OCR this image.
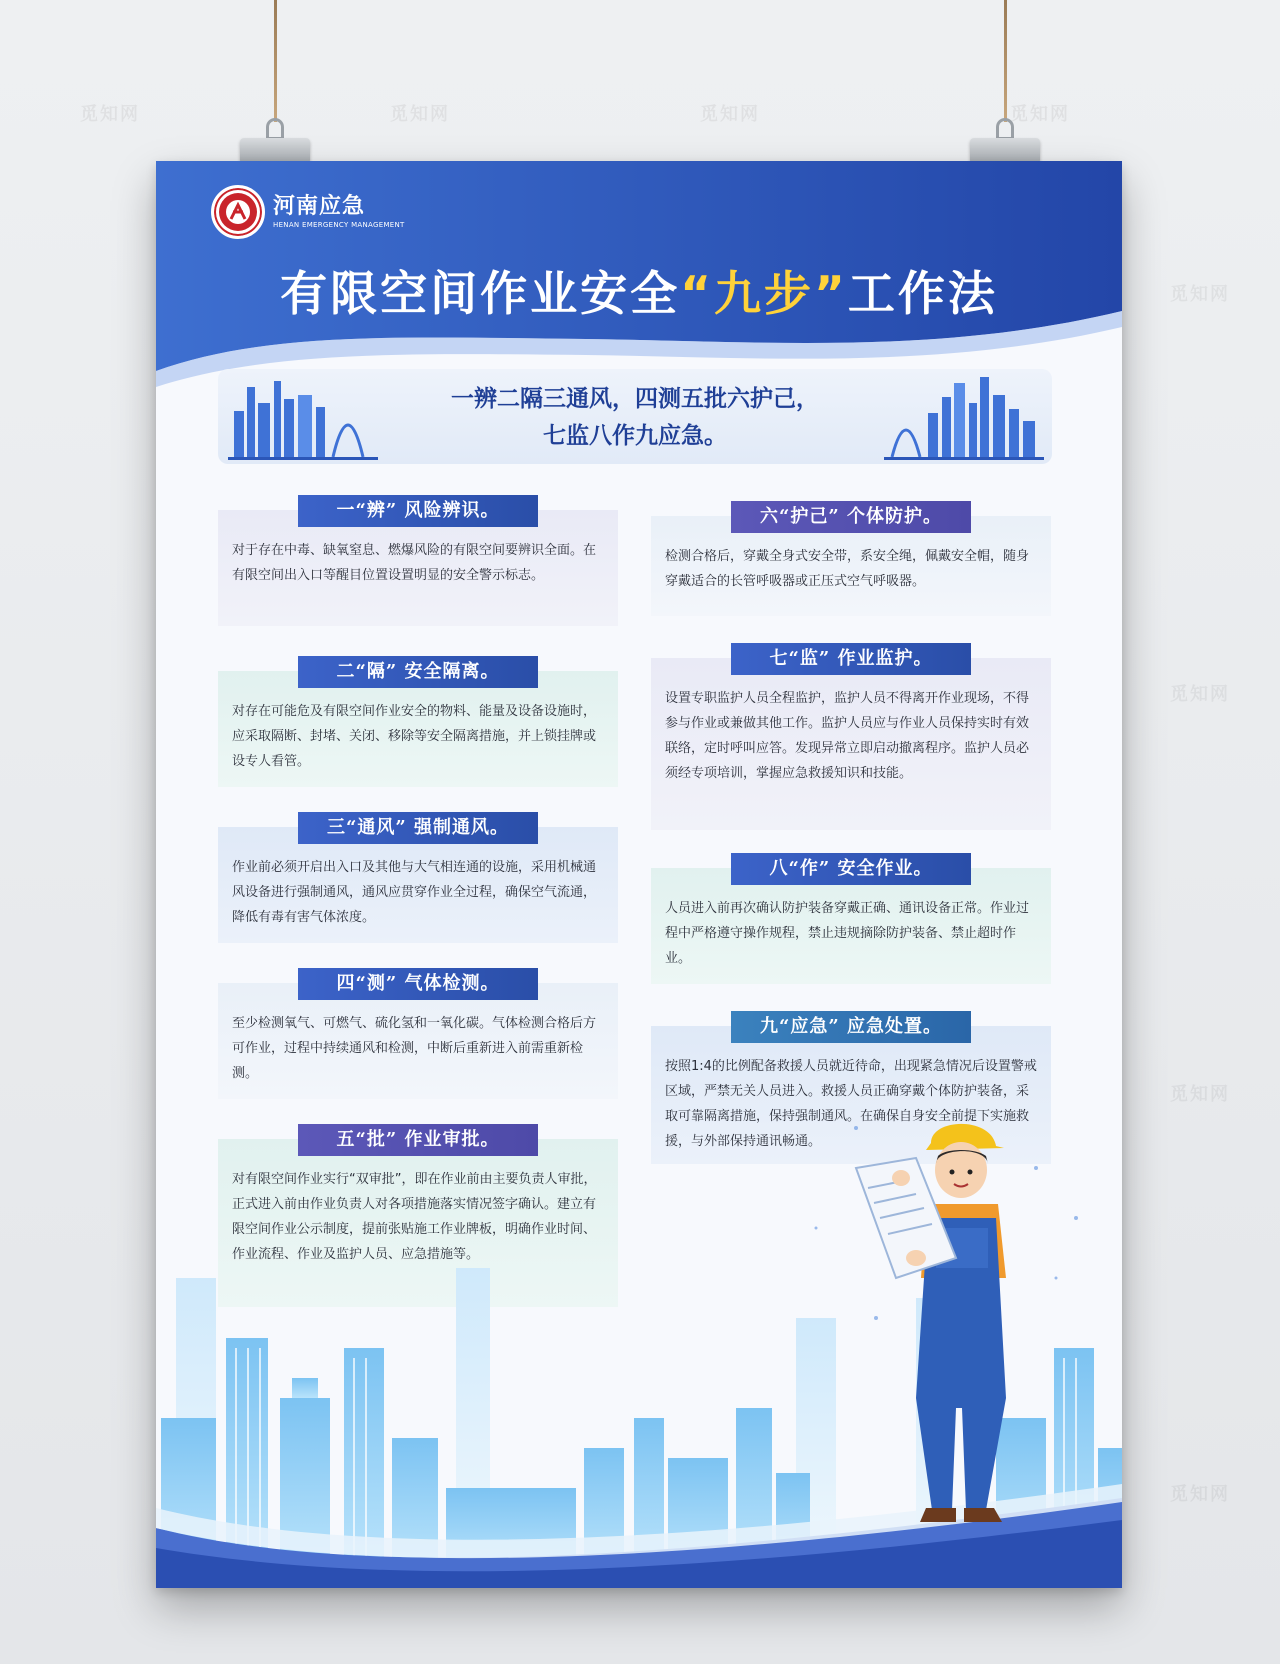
觅知网	觅知网	觅知网	觅知网
觅知网
觅知网
觅知网
觅知网
河南应急
HENAN EMERGENCY MANAGEMENT
有限空间作业安全“九步”工作法
一辨二隔三通风，四测五批六护己，
七监八作九应急。
一“辨” 风险辨识。
对于存在中毒、缺氧窒息、燃爆风险的有限空间要辨识全面。在有限空间出入口等醒目位置设置明显的安全警示标志。
二“隔” 安全隔离。
对存在可能危及有限空间作业安全的物料、能量及设备设施时，应采取隔断、封堵、关闭、移除等安全隔离措施，并上锁挂牌或设专人看管。
三“通风” 强制通风。
作业前必须开启出入口及其他与大气相连通的设施，采用机械通风设备进行强制通风，通风应贯穿作业全过程，确保空气流通，降低有毒有害气体浓度。
四“测” 气体检测。
至少检测氧气、可燃气、硫化氢和一氧化碳。气体检测合格后方可作业，过程中持续通风和检测，中断后重新进入前需重新检测。
五“批” 作业审批。
对有限空间作业实行“双审批”，即在作业前由主要负责人审批，正式进入前由作业负责人对各项措施落实情况签字确认。建立有限空间作业公示制度，提前张贴施工作业牌板，明确作业时间、作业流程、作业及监护人员、应急措施等。
六“护己” 个体防护。
检测合格后，穿戴全身式安全带，系安全绳，佩戴安全帽，随身穿戴适合的长管呼吸器或正压式空气呼吸器。
七“监” 作业监护。
设置专职监护人员全程监护，监护人员不得离开作业现场，不得参与作业或兼做其他工作。监护人员应与作业人员保持实时有效联络，定时呼叫应答。发现异常立即启动撤离程序。监护人员必须经专项培训，掌握应急救援知识和技能。
八“作” 安全作业。
人员进入前再次确认防护装备穿戴正确、通讯设备正常。作业过程中严格遵守操作规程，禁止违规摘除防护装备、禁止超时作业。
九“应急” 应急处置。
按照1:4的比例配备救援人员就近待命，出现紧急情况后设置警戒区域，严禁无关人员进入。救援人员正确穿戴个体防护装备，采取可靠隔离措施，保持强制通风。在确保自身安全前提下实施救援，与外部保持通讯畅通。
